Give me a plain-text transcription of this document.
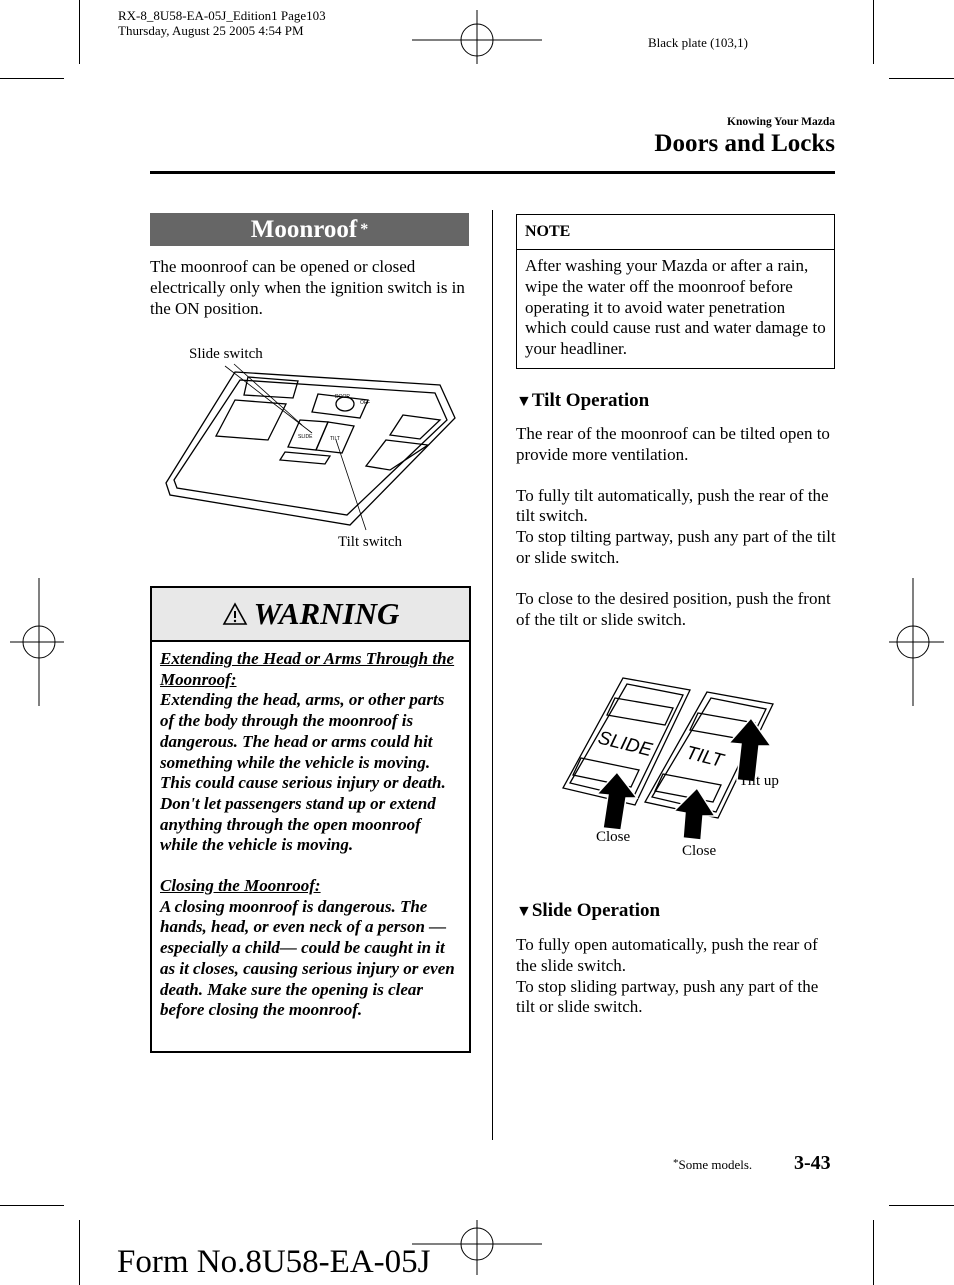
RX-8_8U58-EA-05J_Edition1 Page103
Thursday, August 25 2005 4:54 PM
Black plate (103,1)
Knowing Your Mazda
Doors and Locks
Moonroof *
The moonroof can be opened or closed electrically only when the ignition switch is in the ON position.
DOOR
OFF
SLIDE	TILT
Slide switch
Tilt switch
WARNING
Extending the Head or Arms Through the Moonroof:
Extending the head, arms, or other parts of the body through the moonroof is dangerous. The head or arms could hit something while the vehicle is moving. This could cause serious injury or death. Don't let passengers stand up or extend anything through the open moonroof while the vehicle is moving.
Closing the Moonroof:
A closing moonroof is dangerous. The hands, head, or even neck of a person —especially a child— could be caught in it as it closes, causing serious injury or even death. Make sure the opening is clear before closing the moonroof.
NOTE
After washing your Mazda or after a rain, wipe the water off the moonroof before operating it to avoid water penetration which could cause rust and water damage to your headliner.
▼Tilt Operation
The rear of the moonroof can be tilted open to provide more ventilation.
To fully tilt automatically, push the rear of the tilt switch.
To stop tilting partway, push any part of the tilt or slide switch.
To close to the desired position, push the front of the tilt or slide switch.
SLIDE TILT
Tilt up
Close
Close
▼Slide Operation
To fully open automatically, push the rear of the slide switch.
To stop sliding partway, push any part of the tilt or slide switch.
*Some models. 3-43
Form No.8U58-EA-05J
